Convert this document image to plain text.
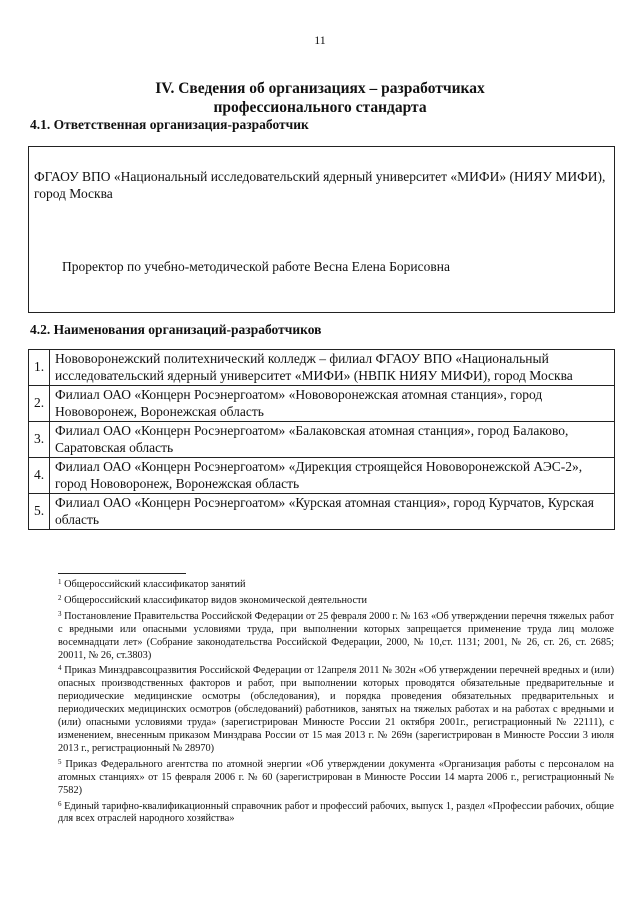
11
IV. Сведения об организациях – разработчиках
профессионального стандарта
4.1. Ответственная организация-разработчик
ФГАОУ ВПО «Национальный исследовательский ядерный университет «МИФИ» (НИЯУ МИФИ), город Москва
Проректор по учебно-методической работе Весна Елена Борисовна
4.2. Наименования организаций-разработчиков
1.	Нововоронежский политехнический колледж – филиал ФГАОУ ВПО «Национальный исследовательский ядерный университет «МИФИ» (НВПК НИЯУ МИФИ), город Москва
2.	Филиал ОАО «Концерн Росэнергоатом» «Нововоронежская атомная станция», город Нововоронеж, Воронежская область
3.	Филиал ОАО «Концерн Росэнергоатом» «Балаковская атомная станция», город Балаково, Саратовская область
4.	Филиал ОАО «Концерн Росэнергоатом» «Дирекция строящейся Нововоронежской АЭС-2», город Нововоронеж, Воронежская область
5.	Филиал ОАО «Концерн Росэнергоатом» «Курская атомная станция», город Курчатов, Курская область
$^1$ Общероссийский классификатор занятий
$^2$ Общероссийский классификатор видов экономической деятельности
$^3$ Постановление Правительства Российской Федерации от 25 февраля 2000 г. № 163 «Об утверждении перечня тяжелых работ с вредными или опасными условиями труда, при выполнении которых запрещается применение труда лиц моложе восемнадцати лет» (Собрание законодательства Российской Федерации, 2000, № 10,ст. 1131; 2001, № 26, ст. 26, ст. 2685; 20011, № 26, ст.3803)
$^4$ Приказ Минздравсоцразвития Российской Федерации от 12апреля 2011 № 302н «Об утверждении перечней вредных и (или) опасных производственных факторов и работ, при выполнении которых проводятся обязательные предварительные и периодические медицинские осмотры (обследования), и порядка проведения обязательных предварительных и периодических медицинских осмотров (обследований) работников, занятых на тяжелых работах и на работах с вредными и (или) опасными условиями труда» (зарегистрирован Минюсте России 21 октября 2001г., регистрационный № 22111), с изменением, внесенным приказом Минздрава России от 15 мая 2013 г. № 269н (зарегистрирован в Минюсте России 3 июля 2013 г., регистрационный № 28970)
$^5$ Приказ Федерального агентства по атомной энергии «Об утверждении документа «Организация работы с персоналом на атомных станциях» от 15 февраля 2006 г. № 60 (зарегистрирован в Минюсте России 14 марта 2006 г., регистрационный № 7582)
$^6$ Единый тарифно-квалификационный справочник работ и профессий рабочих, выпуск 1, раздел «Профессии рабочих, общие для всех отраслей народного хозяйства»
